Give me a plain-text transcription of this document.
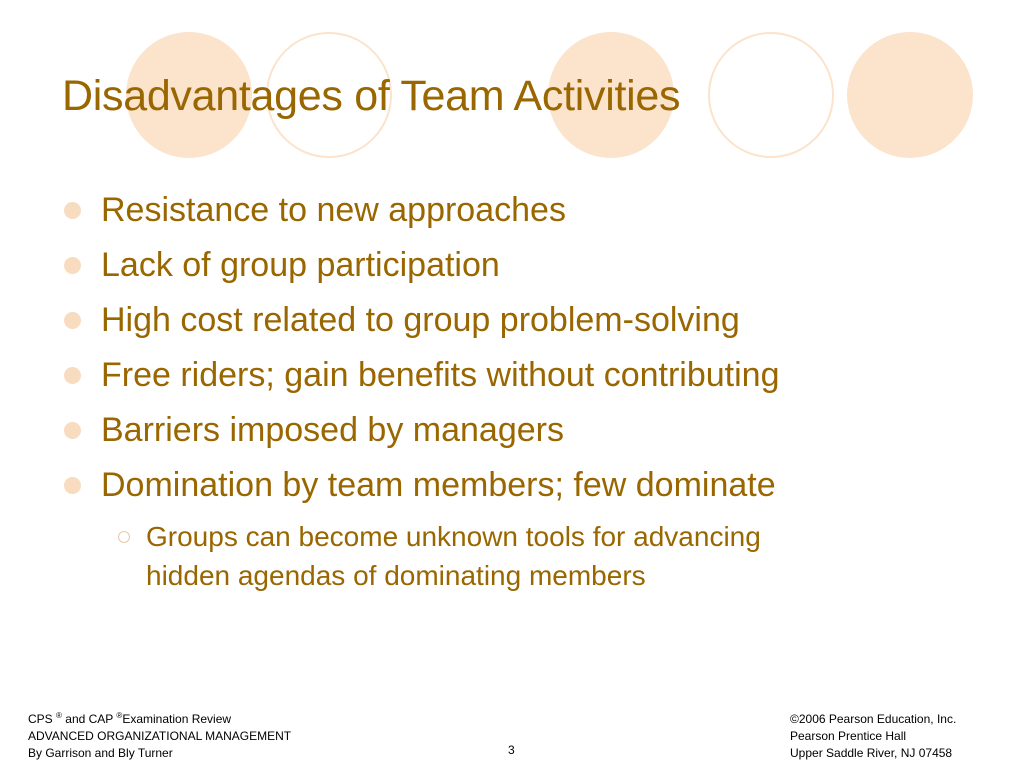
Disadvantages of Team Activities
Resistance to new approaches
Lack of group participation
High cost related to group problem-solving
Free riders; gain benefits without contributing
Barriers imposed by managers
Domination by team members; few dominate
Groups can become unknown tools for advancing
hidden agendas of dominating members
CPS ® and CAP ®Examination Review
ADVANCED ORGANIZATIONAL MANAGEMENT
By Garrison and Bly Turner	3
©2006 Pearson Education, Inc.
Pearson Prentice Hall
Upper Saddle River, NJ 07458
